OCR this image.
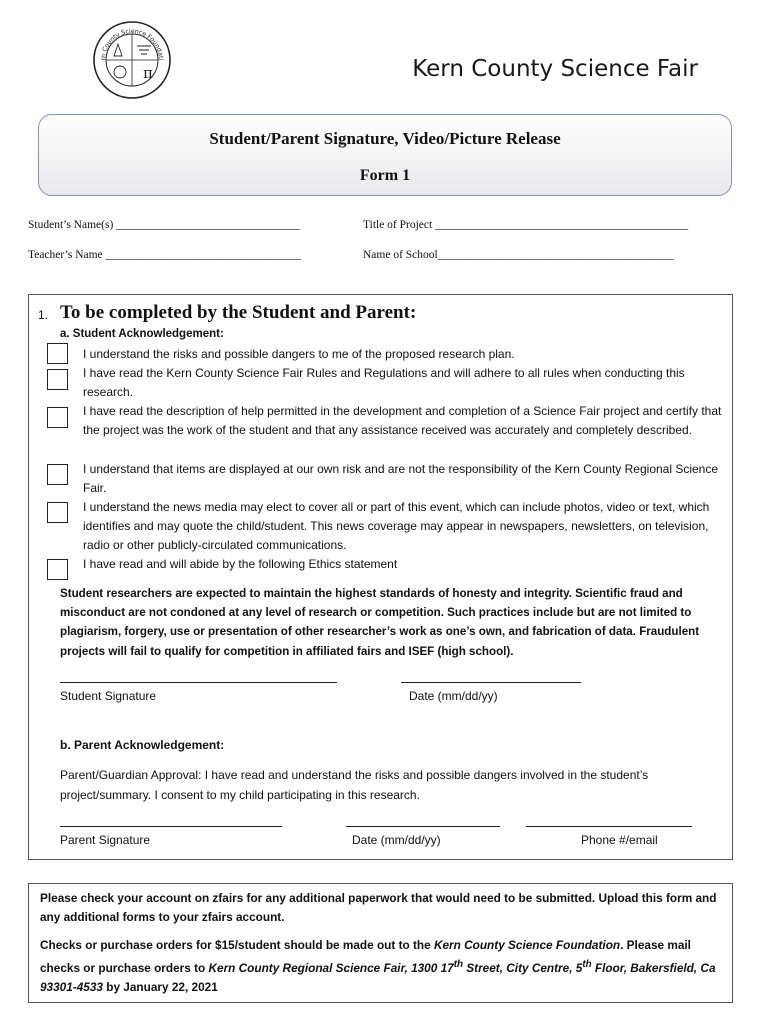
rn County Science Foundati
π	Kern County Science Fair
Student/Parent Signature, Video/Picture Release
Form 1
Student’s Name(s) ________________________________	Title of Project ____________________________________________
Teacher’s Name __________________________________	Name of School_________________________________________
1. To be completed by the Student and Parent:
a. Student Acknowledgement:
I understand the risks and possible dangers to me of the proposed research plan.
I have read the Kern County Science Fair Rules and Regulations and will adhere to all rules when conducting this research.
I have read the description of help permitted in the development and completion of a Science Fair project and certify that the project was the work of the student and that any assistance received was accurately and completely described.
I understand that items are displayed at our own risk and are not the responsibility of the Kern County Regional Science Fair.
I understand the news media may elect to cover all or part of this event, which can include photos, video or text, which identifies and may quote the child/student. This news coverage may appear in newspapers, newsletters, on television, radio or other publicly-circulated communications.
I have read and will abide by the following Ethics statement
Student researchers are expected to maintain the highest standards of honesty and integrity. Scientific fraud and misconduct are not condoned at any level of research or competition. Such practices include but are not limited to plagiarism, forgery, use or presentation of other researcher’s work as one’s own, and fabrication of data. Fraudulent projects will fail to qualify for competition in affiliated fairs and ISEF (high school).
Student Signature	Date (mm/dd/yy)
b. Parent Acknowledgement:
Parent/Guardian Approval: I have read and understand the risks and possible dangers involved in the student’s project/summary. I consent to my child participating in this research.
Parent Signature	Date (mm/dd/yy)	Phone #/email
Please check your account on zfairs for any additional paperwork that would need to be submitted. Upload this form and any additional forms to your zfairs account.
Checks or purchase orders for $15/student should be made out to the Kern County Science Foundation. Please mail checks or purchase orders to Kern County Regional Science Fair, 1300 17th Street, City Centre, 5th Floor, Bakersfield, Ca 93301-4533 by January 22, 2021
